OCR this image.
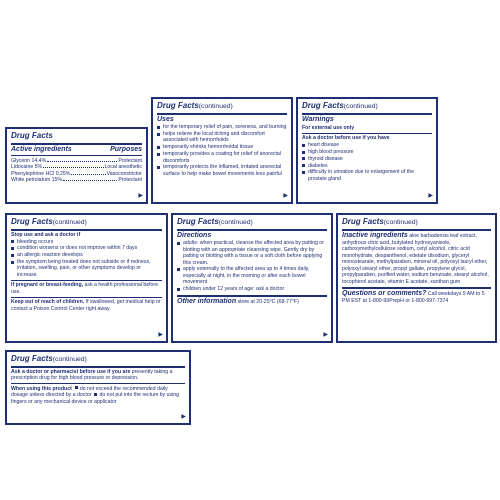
Drug Facts
Active ingredients	Purposes
Glycerin 14.4%	Protectant
Lidocaine 5%	Local anesthetic
Phenylephrine HCl 0.25%	Vasoconstrictor
White petrolatum 15%	Protectant
▶
Drug Facts(continued)
Uses
for the temporary relief of pain, soreness, and burning
helps relieve the local itching and discomfort associated with hemorrhoids
temporarily shrinks hemorrhoidal tissue
temporarily provides a coating for relief of anorectal discomforts
temporarily protects the inflamed, irritated anorectal surface to help make bowel movements less painful
▶
Drug Facts(continued)
Warnings
For external use only
Ask a doctor before use if you have
heart disease
high blood pressure
thyroid disease
diabetes
difficulty in urination due to enlargement of the prostate gland
▶
Drug Facts(continued)
Stop use and ask a doctor if
bleeding occurs
condition worsens or does not improve within 7 days
an allergic reaction develops
the symptom being treated does not subside or if redness, irritation, swelling, pain, or other symptoms develop or increase
If pregnant or breast-feeding, ask a health professional before use.
Keep out of reach of children. If swallowed, get medical help or contact a Poison Control Center right away.
▶
Drug Facts(continued)
Directions
adults: when practical, cleanse the affected area by patting or blotting with an appropriate cleansing wipe. Gently dry by patting or blotting with a tissue or a soft cloth before applying this cream.
apply externally to the affected area up to 4 times daily, especially at night, in the morning or after each bowel movement
children under 12 years of age: ask a doctor
Other information store at 20-25°C (68-77°F)
▶
Drug Facts(continued)
Inactive ingredients aloe barbadensis leaf extract, anhydrous citric acid, butylated hydroxyanisole, carboxymethylcellulose sodium, cetyl alcohol, citric acid monohydrate, dexpanthenol, edetate disodium, glyceryl monostearate, methylparaben, mineral oil, polyoxyl lauryl ether, polyoxyl stearyl ether, propyl gallate, propylene glycol, propylparaben, purified water, sodium benzoate, stearyl alcohol, tocopherol acetate, vitamin E acetate, xanthan gum
Questions or comments? Call weekdays 9 AM to 5 PM EST at 1-800-99PrepH or 1-800-997-7374
Drug Facts(continued)
Ask a doctor or pharmacist before use if you are presently taking a prescription drug for high blood pressure or depression.
When using this product do not exceed the recommended daily dosage unless directed by a doctor do not put into the rectum by using fingers or any mechanical device or applicator
▶
